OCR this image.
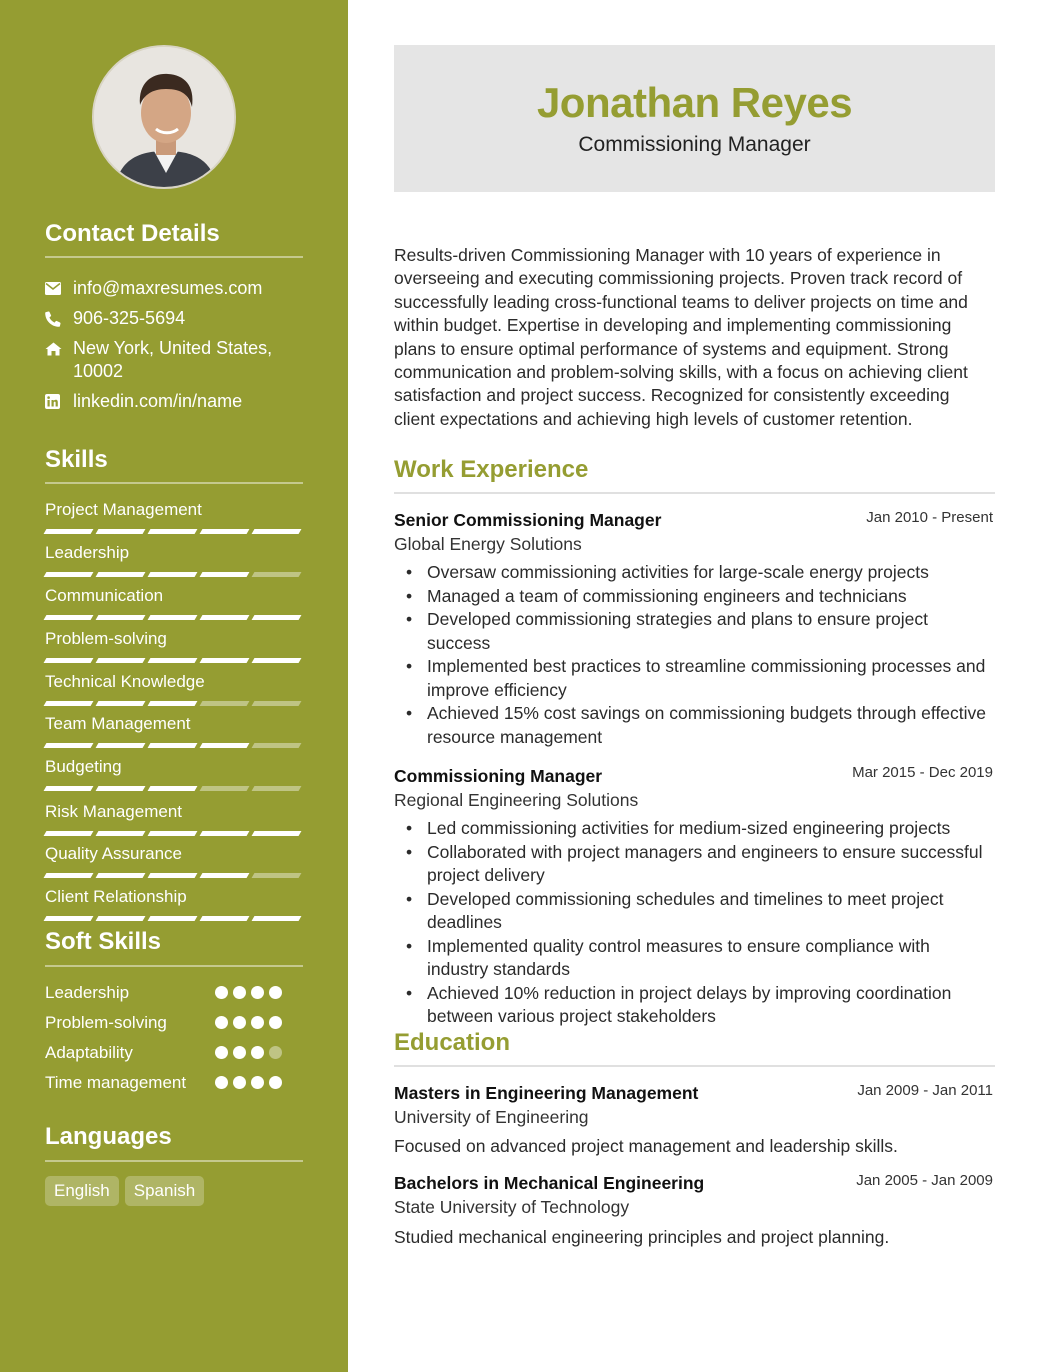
Contact Details
info@maxresumes.com
906-325-5694
New York, United States, 10002
linkedin.com/in/name
Skills
Project Management
Leadership
Communication
Problem-solving
Technical Knowledge
Team Management
Budgeting
Risk Management
Quality Assurance
Client Relationship
Soft Skills
Leadership
Problem-solving
Adaptability
Time management
Languages
English	Spanish
Jonathan Reyes
Commissioning Manager

Results-driven Commissioning Manager with 10 years of experience in overseeing and executing commissioning projects. Proven track record of successfully leading cross-functional teams to deliver projects on time and within budget. Expertise in developing and implementing commissioning plans to ensure optimal performance of systems and equipment. Strong communication and problem-solving skills, with a focus on achieving client satisfaction and project success. Recognized for consistently exceeding client expectations and achieving high levels of customer retention.

Work Experience
Senior Commissioning Manager	Jan 2010 - Present
Global Energy Solutions
• Oversaw commissioning activities for large-scale energy projects
• Managed a team of commissioning engineers and technicians
• Developed commissioning strategies and plans to ensure project success
• Implemented best practices to streamline commissioning processes and improve efficiency
• Achieved 15% cost savings on commissioning budgets through effective resource management
Commissioning Manager	Mar 2015 - Dec 2019
Regional Engineering Solutions
• Led commissioning activities for medium-sized engineering projects
• Collaborated with project managers and engineers to ensure successful project delivery
• Developed commissioning schedules and timelines to meet project deadlines
• Implemented quality control measures to ensure compliance with industry standards
• Achieved 10% reduction in project delays by improving coordination between various project stakeholders
Education
Masters in Engineering Management	Jan 2009 - Jan 2011
University of Engineering
Focused on advanced project management and leadership skills.
Bachelors in Mechanical Engineering	Jan 2005 - Jan 2009
State University of Technology
Studied mechanical engineering principles and project planning.
